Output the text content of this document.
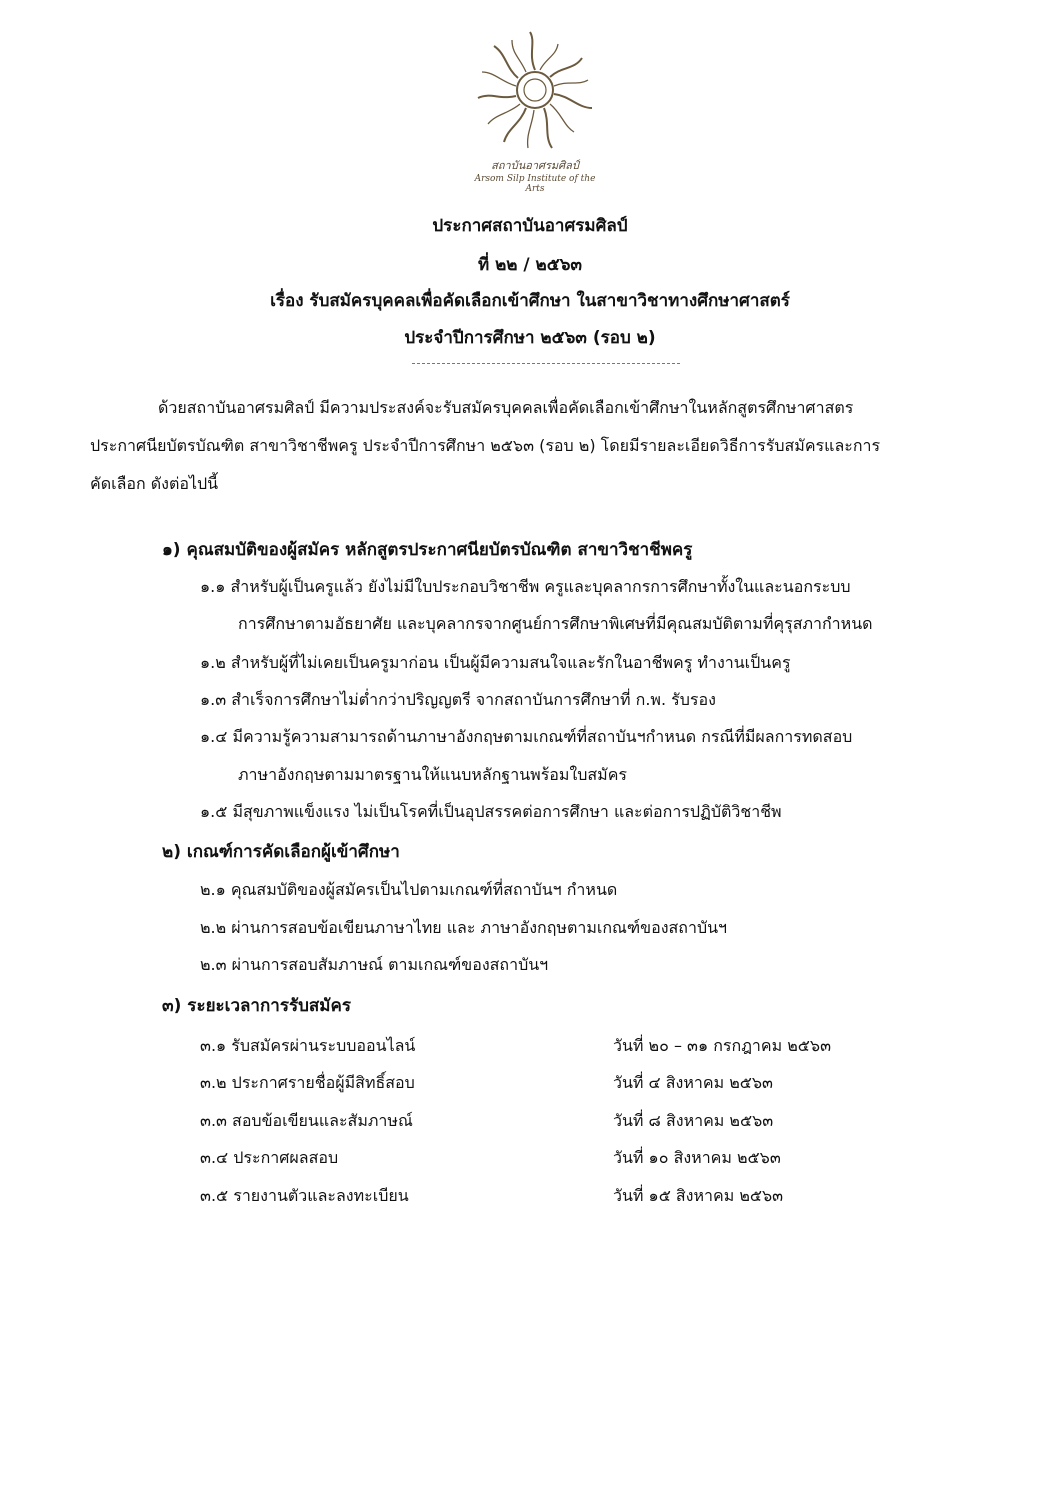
สถาบันอาศรมศิลป์
Arsom Silp Institute of the Arts
ประกาศสถาบันอาศรมศิลป์
ที่ ๒๒ / ๒๕๖๓
เรื่อง รับสมัครบุคคลเพื่อคัดเลือกเข้าศึกษา ในสาขาวิชาทางศึกษาศาสตร์
ประจำปีการศึกษา ๒๕๖๓ (รอบ ๒)
ด้วยสถาบันอาศรมศิลป์ มีความประสงค์จะรับสมัครบุคคลเพื่อคัดเลือกเข้าศึกษาในหลักสูตรศึกษาศาสตร
ประกาศนียบัตรบัณฑิต สาขาวิชาชีพครู ประจำปีการศึกษา ๒๕๖๓ (รอบ ๒) โดยมีรายละเอียดวิธีการรับสมัครและการ
คัดเลือก ดังต่อไปนี้
๑) คุณสมบัติของผู้สมัคร หลักสูตรประกาศนียบัตรบัณฑิต สาขาวิชาชีพครู
๑.๑ สำหรับผู้เป็นครูแล้ว ยังไม่มีใบประกอบวิชาชีพ ครูและบุคลากรการศึกษาทั้งในและนอกระบบ
การศึกษาตามอัธยาศัย และบุคลากรจากศูนย์การศึกษาพิเศษที่มีคุณสมบัติตามที่คุรุสภากำหนด
๑.๒ สำหรับผู้ที่ไม่เคยเป็นครูมาก่อน เป็นผู้มีความสนใจและรักในอาชีพครู ทำงานเป็นครู
๑.๓ สำเร็จการศึกษาไม่ต่ำกว่าปริญญตรี จากสถาบันการศึกษาที่ ก.พ. รับรอง
๑.๔ มีความรู้ความสามารถด้านภาษาอังกฤษตามเกณฑ์ที่สถาบันฯกำหนด กรณีที่มีผลการทดสอบ
ภาษาอังกฤษตามมาตรฐานให้แนบหลักฐานพร้อมใบสมัคร
๑.๕ มีสุขภาพแข็งแรง ไม่เป็นโรคที่เป็นอุปสรรคต่อการศึกษา และต่อการปฏิบัติวิชาชีพ
๒) เกณฑ์การคัดเลือกผู้เข้าศึกษา
๒.๑ คุณสมบัติของผู้สมัครเป็นไปตามเกณฑ์ที่สถาบันฯ กำหนด
๒.๒ ผ่านการสอบข้อเขียนภาษาไทย และ ภาษาอังกฤษตามเกณฑ์ของสถาบันฯ
๒.๓ ผ่านการสอบสัมภาษณ์ ตามเกณฑ์ของสถาบันฯ
๓) ระยะเวลาการรับสมัคร
๓.๑ รับสมัครผ่านระบบออนไลน์	วันที่ ๒๐ – ๓๑ กรกฎาคม ๒๕๖๓
๓.๒ ประกาศรายชื่อผู้มีสิทธิ์สอบ	วันที่ ๔ สิงหาคม ๒๕๖๓
๓.๓ สอบข้อเขียนและสัมภาษณ์	วันที่ ๘ สิงหาคม ๒๕๖๓
๓.๔ ประกาศผลสอบ	วันที่ ๑๐ สิงหาคม ๒๕๖๓
๓.๕ รายงานตัวและลงทะเบียน	วันที่ ๑๕ สิงหาคม ๒๕๖๓
